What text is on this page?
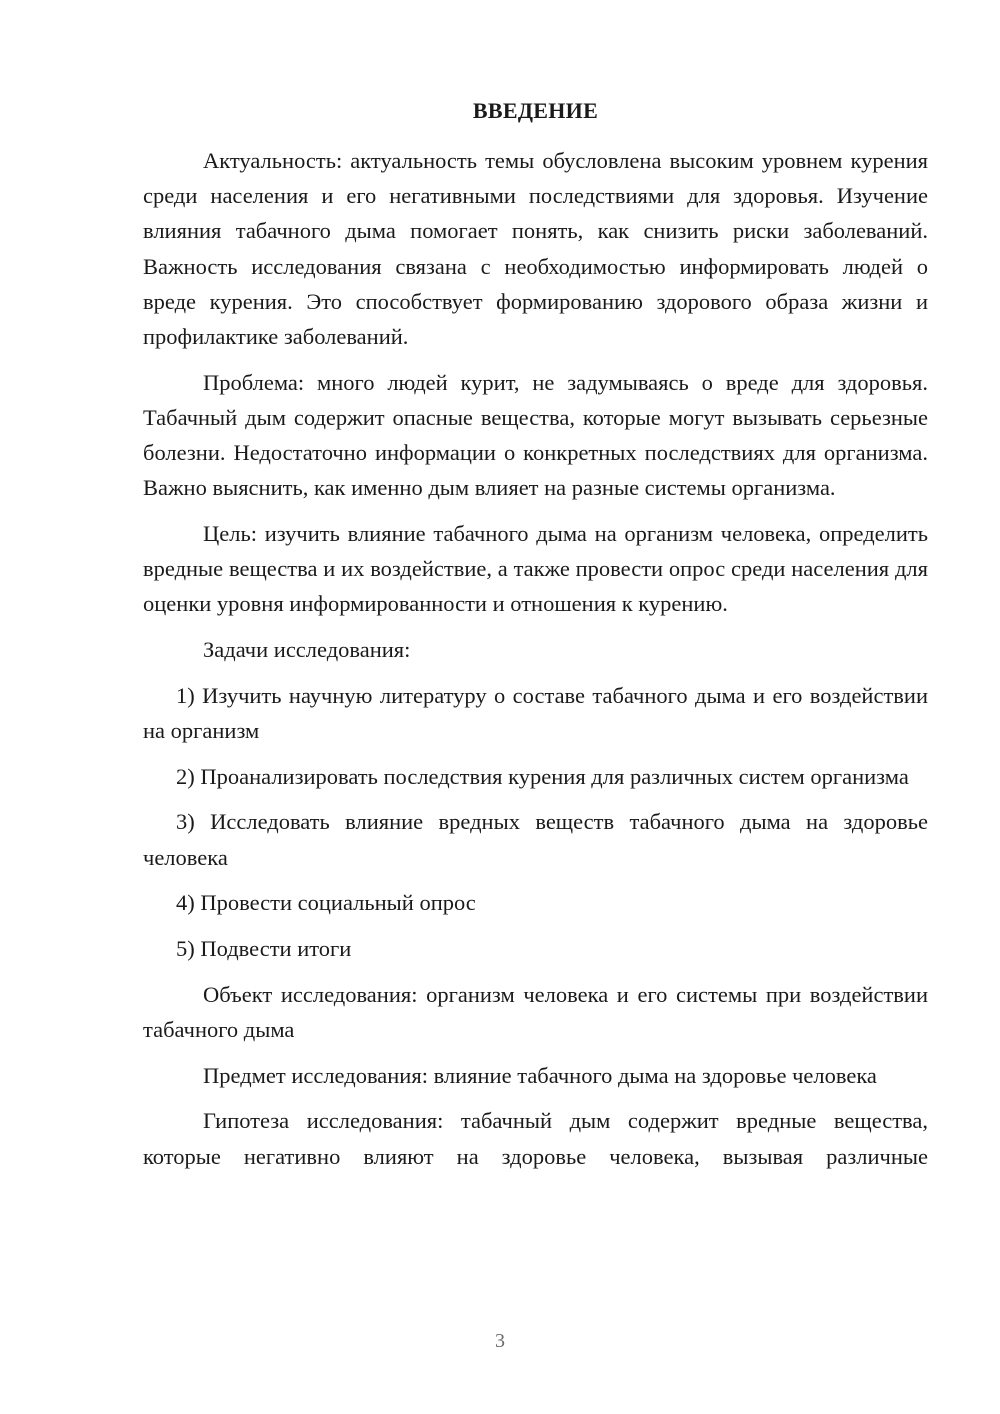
ВВЕДЕНИЕ

Актуальность: актуальность темы обусловлена высоким уровнем курения среди населения и его негативными последствиями для здоровья. Изучение влияния табачного дыма помогает понять, как снизить риски заболеваний. Важность исследования связана с необходимостью информировать людей о вреде курения. Это способствует формированию здорового образа жизни и профилактике заболеваний.

Проблема: много людей курит, не задумываясь о вреде для здоровья. Табачный дым содержит опасные вещества, которые могут вызывать серьезные болезни. Недостаточно информации о конкретных последствиях для организма. Важно выяснить, как именно дым влияет на разные системы организма.

Цель: изучить влияние табачного дыма на организм человека, определить вредные вещества и их воздействие, а также провести опрос среди населения для оценки уровня информированности и отношения к курению.

Задачи исследования:

1) Изучить научную литературу о составе табачного дыма и его воздействии на организм

2) Проанализировать последствия курения для различных систем организма

3) Исследовать влияние вредных веществ табачного дыма на здоровье человека

4) Провести социальный опрос

5) Подвести итоги

Объект исследования: организм человека и его системы при воздействии табачного дыма

Предмет исследования: влияние табачного дыма на здоровье человека

Гипотеза исследования: табачный дым содержит вредные вещества, которые негативно влияют на здоровье человека, вызывая различные

3
